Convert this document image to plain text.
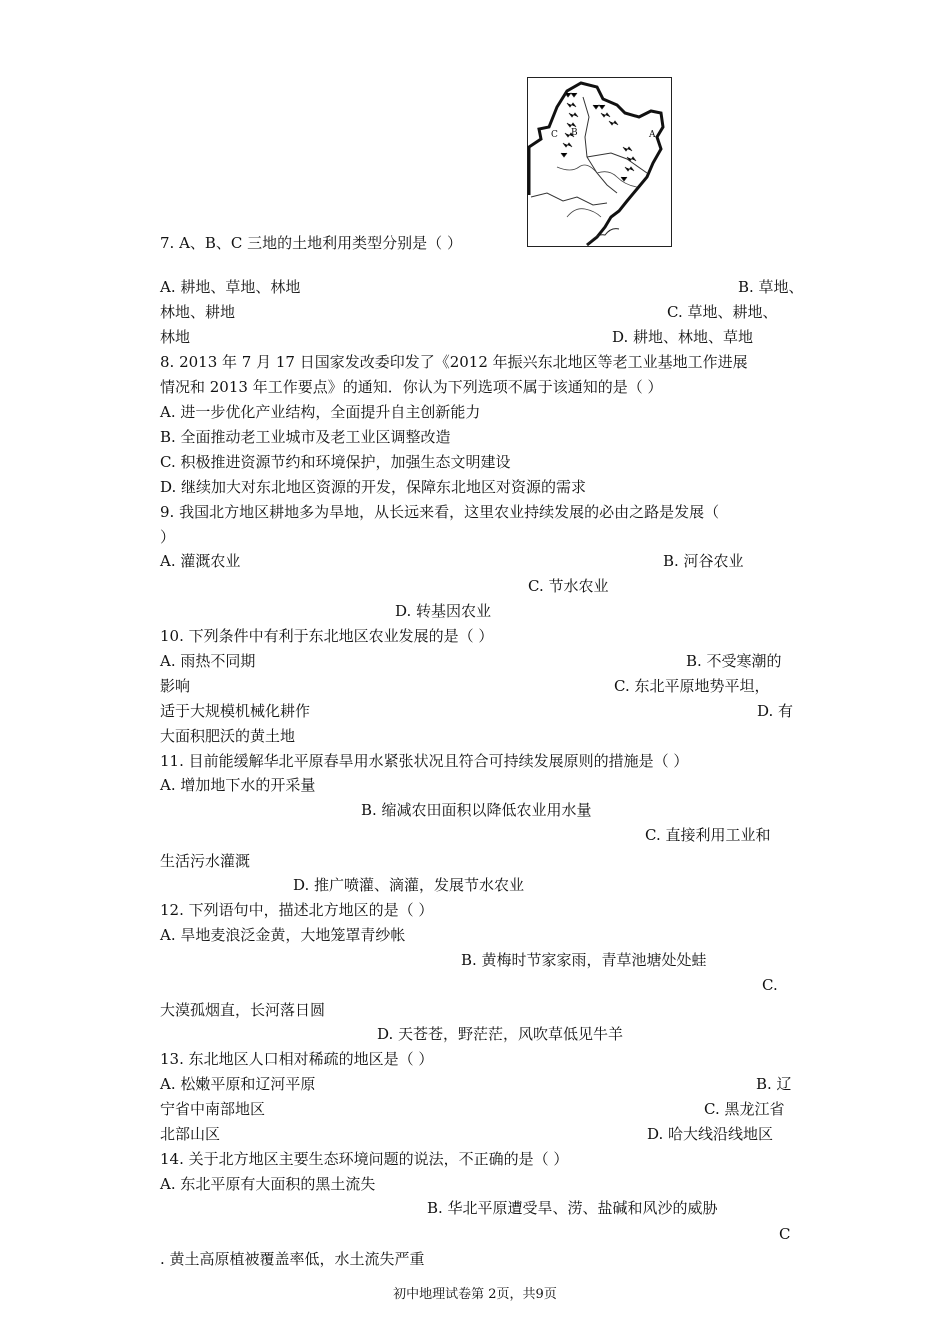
C B	A
7. A、B、C 三地的土地利用类型分别是（ ）
A. 耕地、草地、林地	B. 草地、
林地、耕地	C. 草地、耕地、
林地	D. 耕地、林地、草地
8. 2013 年 7 月 17 日国家发改委印发了《2012 年振兴东北地区等老工业基地工作进展
情况和 2013 年工作要点》的通知．你认为下列选项不属于该通知的是（ ）
A. 进一步优化产业结构，全面提升自主创新能力
B. 全面推动老工业城市及老工业区调整改造
C. 积极推进资源节约和环境保护，加强生态文明建设
D. 继续加大对东北地区资源的开发，保障东北地区对资源的需求
9. 我国北方地区耕地多为旱地，从长远来看，这里农业持续发展的必由之路是发展（
）
A. 灌溉农业	B. 河谷农业
C. 节水农业
D. 转基因农业
10. 下列条件中有利于东北地区农业发展的是（ ）
A. 雨热不同期	B. 不受寒潮的
影响	C. 东北平原地势平坦，
适于大规模机械化耕作	D. 有
大面积肥沃的黄土地
11. 目前能缓解华北平原春旱用水紧张状况且符合可持续发展原则的措施是（ ）
A. 增加地下水的开采量
B. 缩减农田面积以降低农业用水量
C. 直接利用工业和
生活污水灌溉
D. 推广喷灌、滴灌，发展节水农业
12. 下列语句中，描述北方地区的是（ ）
A. 旱地麦浪泛金黄，大地笼罩青纱帐
B. 黄梅时节家家雨，青草池塘处处蛙
C.
大漠孤烟直，长河落日圆
D. 天苍苍，野茫茫，风吹草低见牛羊
13. 东北地区人口相对稀疏的地区是（ ）
A. 松嫩平原和辽河平原	B. 辽
宁省中南部地区	C. 黑龙江省
北部山区	D. 哈大线沿线地区
14. 关于北方地区主要生态环境问题的说法，不正确的是（ ）
A. 东北平原有大面积的黑土流失
B. 华北平原遭受旱、涝、盐碱和风沙的威胁
C
. 黄土高原植被覆盖率低，水土流失严重
初中地理试卷第 2页，共9页
